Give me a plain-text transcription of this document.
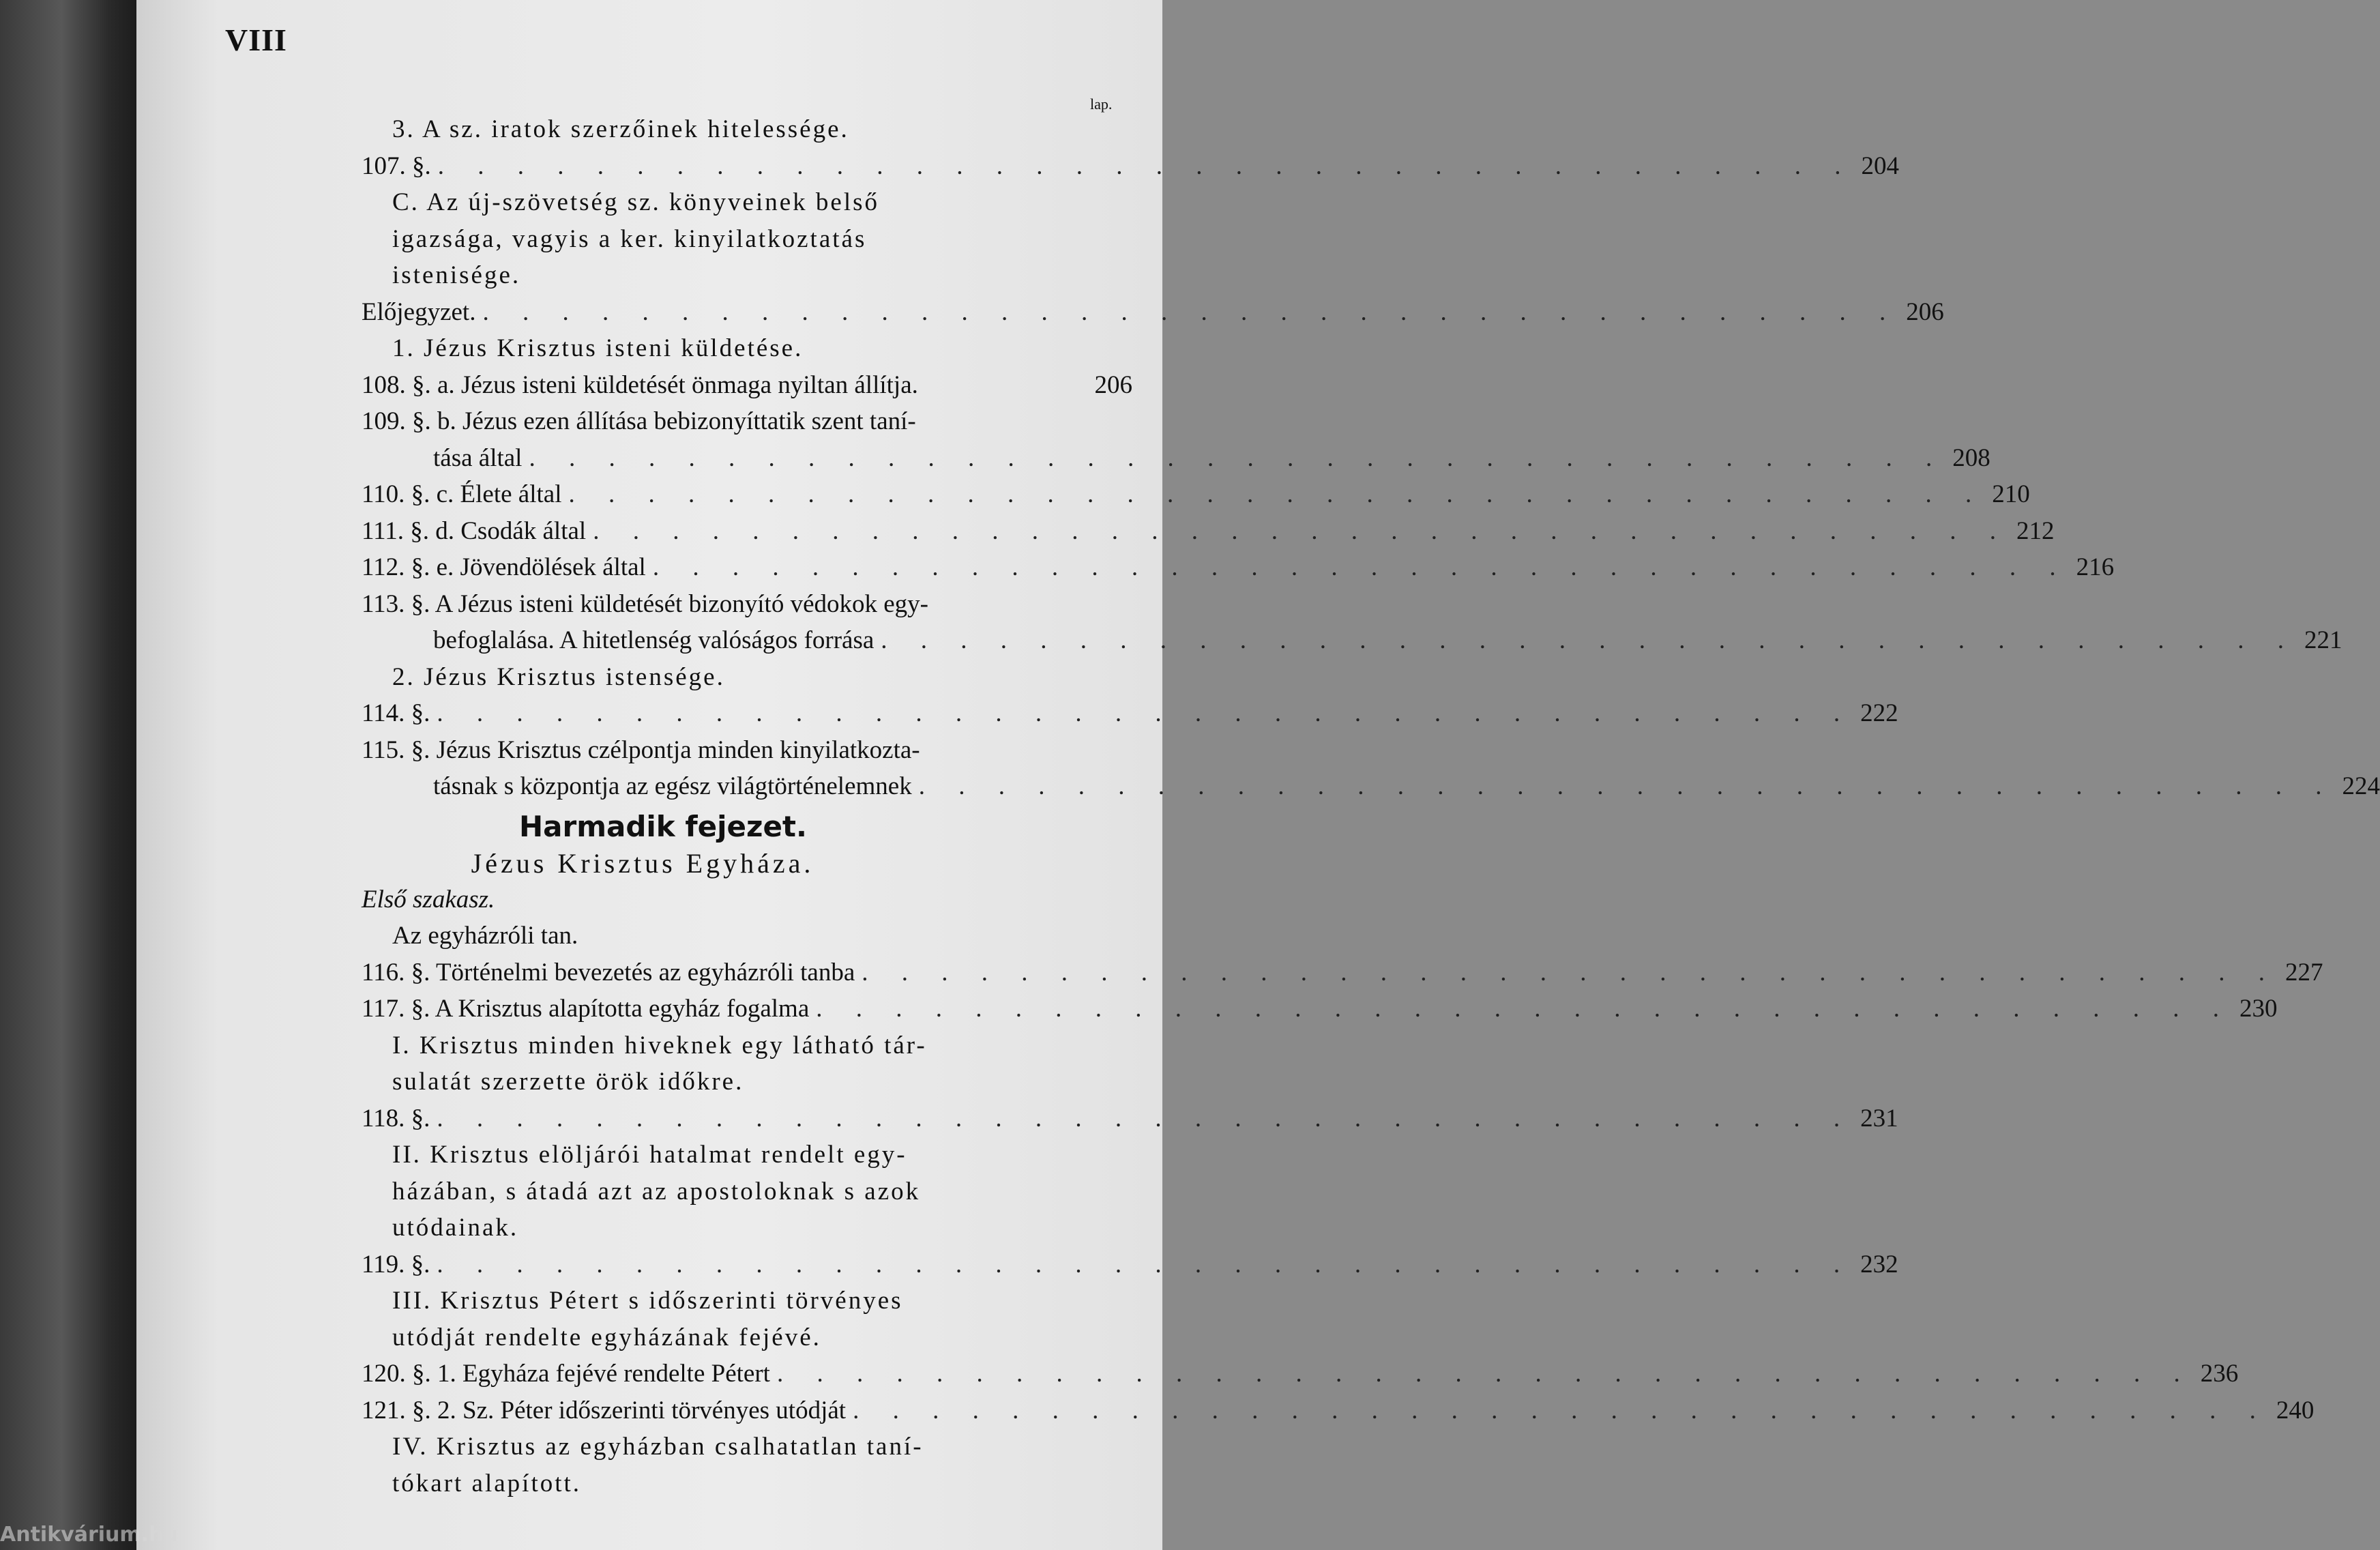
VIII
lap.
3. A sz. iratok szerzőinek hitelessége.
107. §. . . . . . . . . . . . . . . . . . . . . . . . . . . . . . . . . . . . . 204
C. Az új-szövetség sz. könyveinek belső
igazsága, vagyis a ker. kinyilatkoztatás
istenisége.
Előjegyzet. . . . . . . . . . . . . . . . . . . . . . . . . . . . . . . . . . . . . 206
1. Jézus Krisztus isteni küldetése.
108. §. a. Jézus isteni küldetését önmaga nyiltan állítja.	206
109. §. b. Jézus ezen állítása bebizonyíttatik szent taní-
tása által . . . . . . . . . . . . . . . . . . . . . . . . . . . . . . . . . . . . 208
110. §. c. Élete által . . . . . . . . . . . . . . . . . . . . . . . . . . . . . . . . . . . . 210
111. §. d. Csodák által . . . . . . . . . . . . . . . . . . . . . . . . . . . . . . . . . . . . 212
112. §. e. Jövendölések által . . . . . . . . . . . . . . . . . . . . . . . . . . . . . . . . . . . . 216
113. §. A Jézus isteni küldetését bizonyító védokok egy-
befoglalása. A hitetlenség valóságos forrása . . . . . . . . . . . . . . . . . . . . . . . . . . . . . . . . . . . . 221
2. Jézus Krisztus istensége.
114. §. . . . . . . . . . . . . . . . . . . . . . . . . . . . . . . . . . . . . 222
115. §. Jézus Krisztus czélpontja minden kinyilatkozta-
tásnak s központja az egész világtörténelemnek . . . . . . . . . . . . . . . . . . . . . . . . . . . . . . . . . . . . 224
Harmadik fejezet.
Jézus Krisztus Egyháza.
Első szakasz.
Az egyházróli tan.
116. §. Történelmi bevezetés az egyházróli tanba . . . . . . . . . . . . . . . . . . . . . . . . . . . . . . . . . . . . 227
117. §. A Krisztus alapította egyház fogalma . . . . . . . . . . . . . . . . . . . . . . . . . . . . . . . . . . . . 230
I. Krisztus minden hiveknek egy látható tár-
sulatát szerzette örök időkre.
118. §. . . . . . . . . . . . . . . . . . . . . . . . . . . . . . . . . . . . . 231
II. Krisztus elöljárói hatalmat rendelt egy-
házában, s átadá azt az apostoloknak s azok
utódainak.
119. §. . . . . . . . . . . . . . . . . . . . . . . . . . . . . . . . . . . . . 232
III. Krisztus Pétert s időszerinti törvényes
utódját rendelte egyházának fejévé.
120. §. 1. Egyháza fejévé rendelte Pétert . . . . . . . . . . . . . . . . . . . . . . . . . . . . . . . . . . . . 236
121. §. 2. Sz. Péter időszerinti törvényes utódját . . . . . . . . . . . . . . . . . . . . . . . . . . . . . . . . . . . . 240
IV. Krisztus az egyházban csalhatatlan taní-
tókart alapított.
Antikvárium.hu
